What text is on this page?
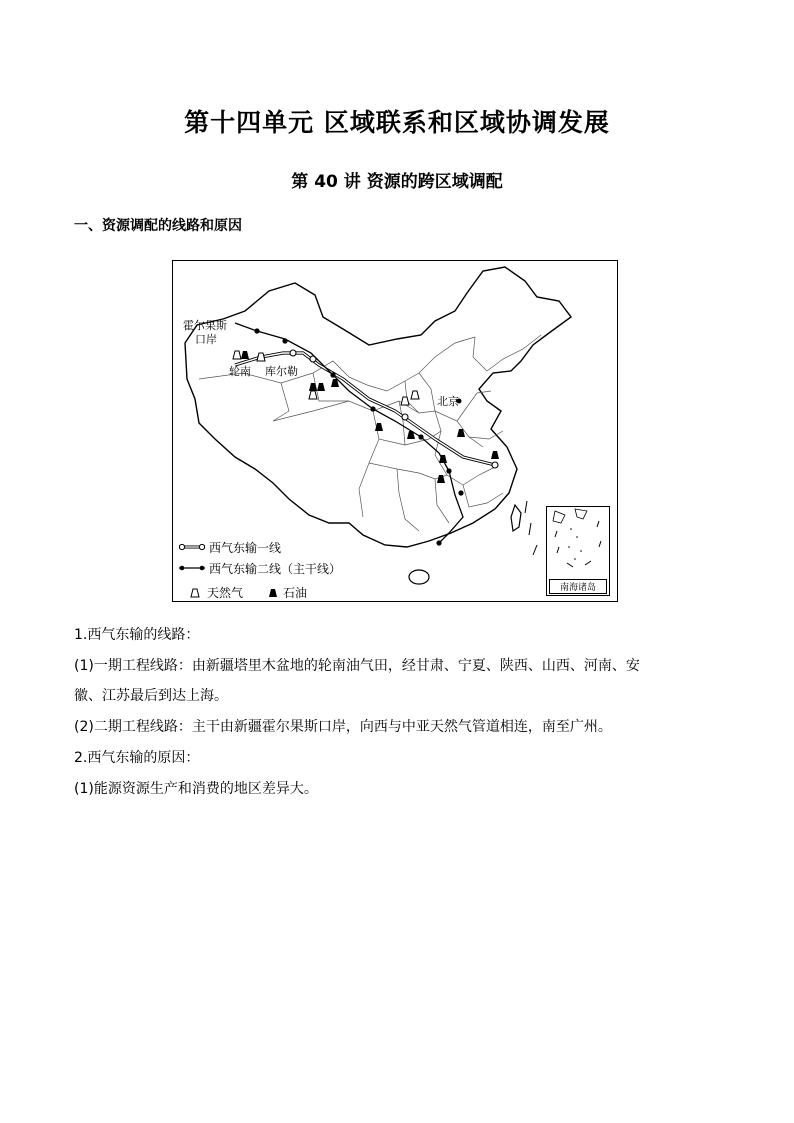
第十四单元 区域联系和区域协调发展
第 40 讲 资源的跨区域调配
一、资源调配的线路和原因
霍尔果斯
口岸
轮南 库尔勒
北京
西气东输一线
西气东输二线（主干线）
天然气	石油	南海诸岛
1.西气东输的线路：
(1)一期工程线路：由新疆塔里木盆地的轮南油气田，经甘肃、宁夏、陕西、山西、河南、安
徽、江苏最后到达上海。
(2)二期工程线路：主干由新疆霍尔果斯口岸，向西与中亚天然气管道相连，南至广州。
2.西气东输的原因：
(1)能源资源生产和消费的地区差异大。
